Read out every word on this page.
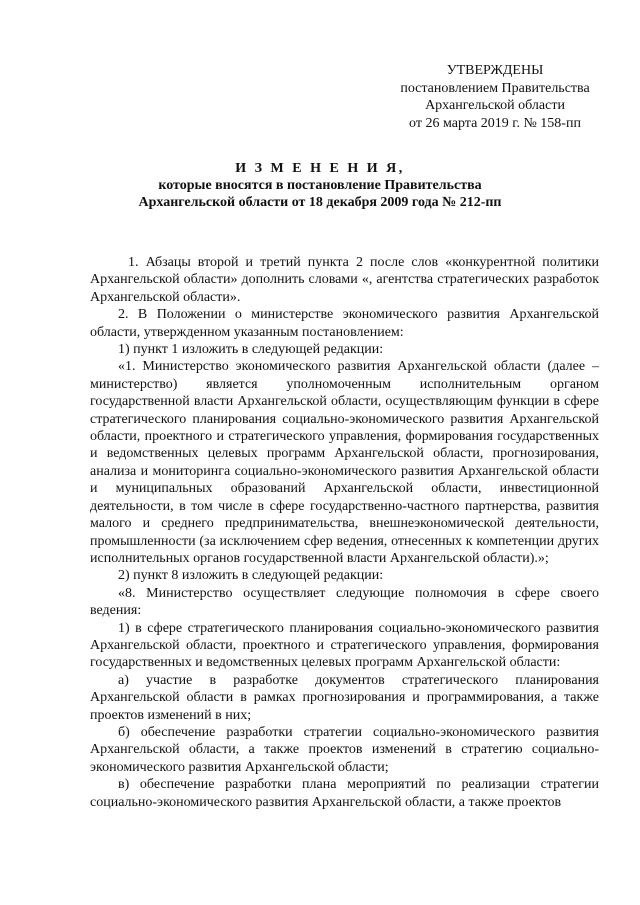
УТВЕРЖДЕНЫ
постановлением Правительства
Архангельской области
от 26 марта 2019 г. № 158-пп
И З М Е Н Е Н И Я,
которые вносятся в постановление Правительства
Архангельской области от 18 декабря 2009 года № 212-пп

1. Абзацы второй и третий пункта 2 после слов «конкурентной политики Архангельской области» дополнить словами «, агентства стратегических разработок Архангельской области».

2. В Положении о министерстве экономического развития Архангельской области, утвержденном указанным постановлением:

1) пункт 1 изложить в следующей редакции:

«1. Министерство экономического развития Архангельской области (далее – министерство) является уполномоченным исполнительным органом государственной власти Архангельской области, осуществляющим функции в сфере стратегического планирования социально-экономического развития Архангельской области, проектного и стратегического управления, формирования государственных и ведомственных целевых программ Архангельской области, прогнозирования, анализа и мониторинга социально-экономического развития Архангельской области и муниципальных образований Архангельской области, инвестиционной деятельности, в том числе в сфере государственно-частного партнерства, развития малого и среднего предпринимательства, внешнеэкономической деятельности, промышленности (за исключением сфер ведения, отнесенных к компетенции других исполнительных органов государственной власти Архангельской области).»;

2) пункт 8 изложить в следующей редакции:

«8. Министерство осуществляет следующие полномочия в сфере своего ведения:

1) в сфере стратегического планирования социально-экономического развития Архангельской области, проектного и стратегического управления, формирования государственных и ведомственных целевых программ Архангельской области:

а) участие в разработке документов стратегического планирования Архангельской области в рамках прогнозирования и программирования, а также проектов изменений в них;

б) обеспечение разработки стратегии социально-экономического развития Архангельской области, а также проектов изменений в стратегию социально-экономического развития Архангельской области;

в) обеспечение разработки плана мероприятий по реализации стратегии социально-экономического развития Архангельской области, а также проектов
